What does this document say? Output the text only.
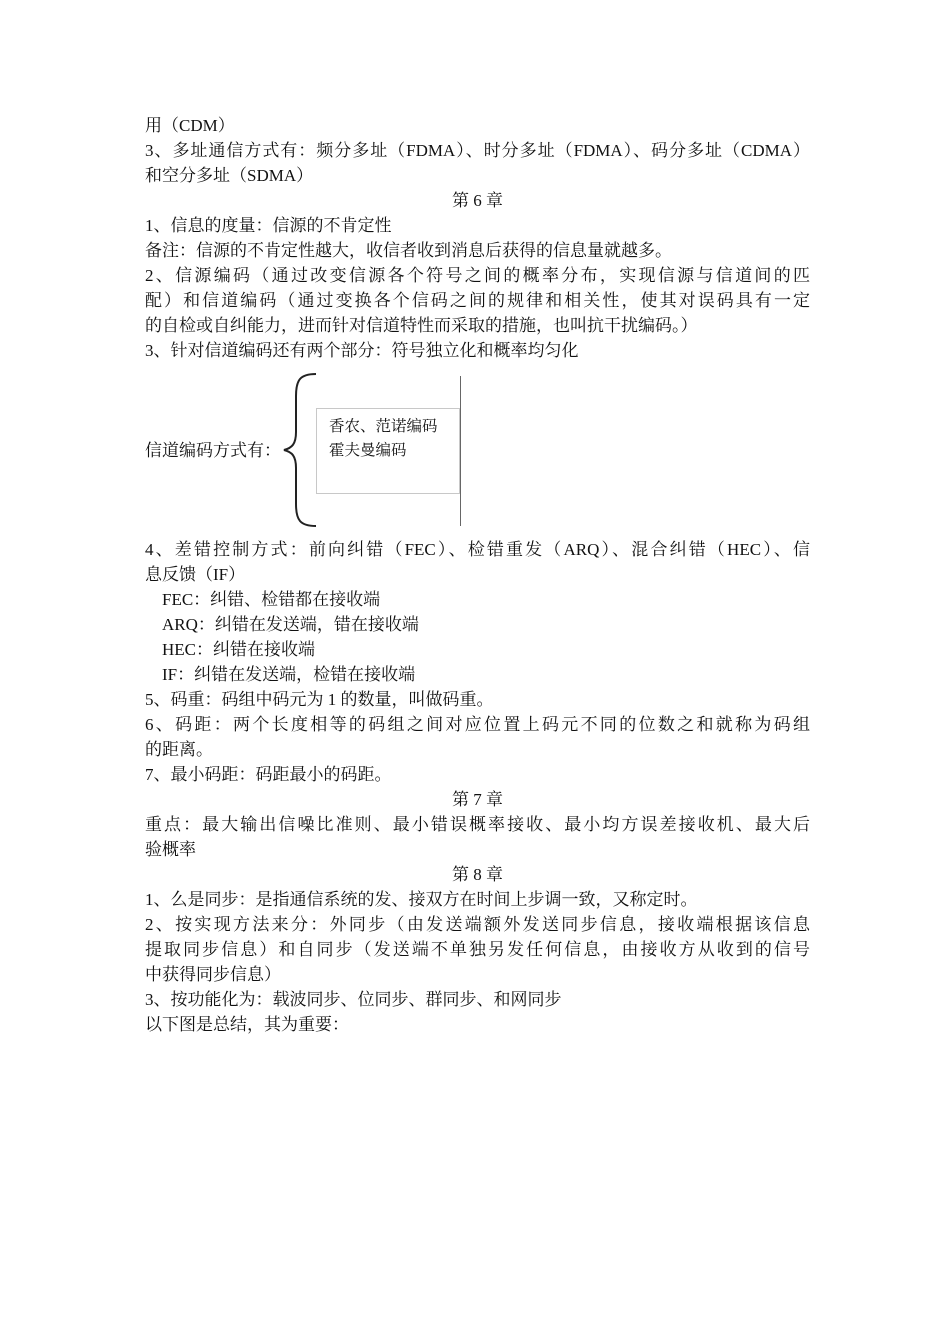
用（CDM）
3、多址通信方式有：频分多址（FDMA）、时分多址（FDMA）、码分多址（CDMA）
和空分多址（SDMA）
第 6 章
1、信息的度量：信源的不肯定性
备注：信源的不肯定性越大，收信者收到消息后获得的信息量就越多。
2、信源编码（通过改变信源各个符号之间的概率分布，实现信源与信道间的匹
配）和信道编码（通过变换各个信码之间的规律和相关性，使其对误码具有一定
的自检或自纠能力，进而针对信道特性而采取的措施，也叫抗干扰编码。）
3、针对信道编码还有两个部分：符号独立化和概率均匀化
信道编码方式有：
香农、范诺编码
霍夫曼编码
4、差错控制方式：前向纠错（FEC）、检错重发（ARQ）、混合纠错（HEC）、信
息反馈（IF）
FEC：纠错、检错都在接收端
ARQ：纠错在发送端，错在接收端
HEC：纠错在接收端
IF：纠错在发送端，检错在接收端
5、码重：码组中码元为 1 的数量，叫做码重。
6、码距：两个长度相等的码组之间对应位置上码元不同的位数之和就称为码组
的距离。
7、最小码距：码距最小的码距。
第 7 章
重点：最大输出信噪比准则、最小错误概率接收、最小均方误差接收机、最大后
验概率
第 8 章
1、么是同步：是指通信系统的发、接双方在时间上步调一致，又称定时。
2、按实现方法来分：外同步（由发送端额外发送同步信息，接收端根据该信息
提取同步信息）和自同步（发送端不单独另发任何信息，由接收方从收到的信号
中获得同步信息）
3、按功能化为：载波同步、位同步、群同步、和网同步
以下图是总结，其为重要：
